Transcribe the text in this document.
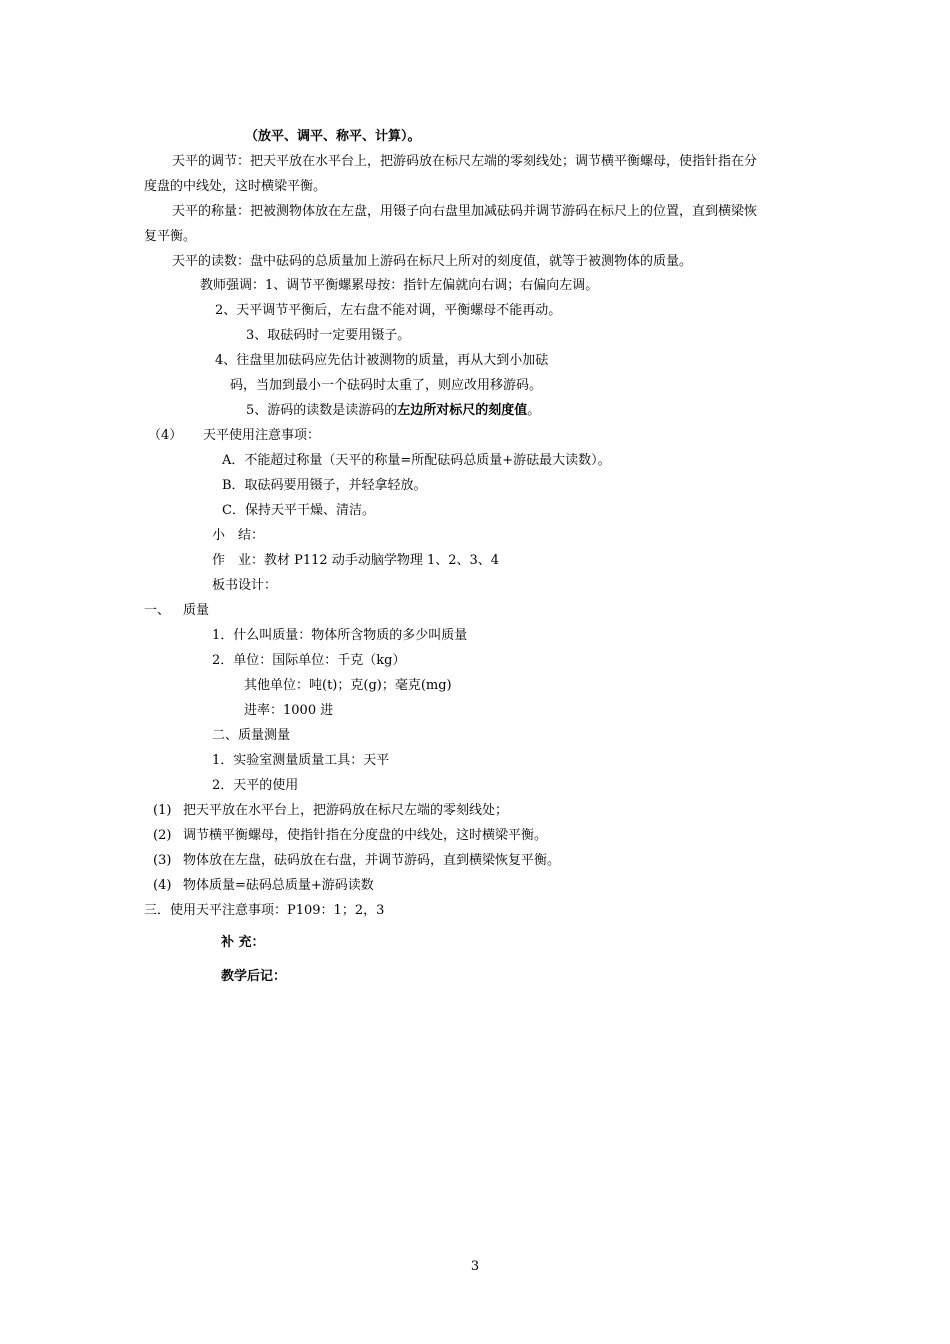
（放平、调平、称平、计算）。
天平的调节：把天平放在水平台上，把游码放在标尺左端的零刻线处；调节横平衡螺母，使指针指在分
度盘的中线处，这时横梁平衡。
天平的称量：把被测物体放在左盘，用镊子向右盘里加减砝码并调节游码在标尺上的位置，直到横梁恢
复平衡。
天平的读数：盘中砝码的总质量加上游码在标尺上所对的刻度值，就等于被测物体的质量。
教师强调：1、调节平衡螺累母按：指针左偏就向右调；右偏向左调。
2、天平调节平衡后，左右盘不能对调，平衡螺母不能再动。
3、取砝码时一定要用镊子。
4、往盘里加砝码应先估计被测物的质量，再从大到小加砝
码，当加到最小一个砝码时太重了，则应改用移游码。
5、游码的读数是读游码的左边所对标尺的刻度值。
（4） 天平使用注意事项：
A．不能超过称量（天平的称量=所配砝码总质量+游砝最大读数）。
B．取砝码要用镊子，并轻拿轻放。
C．保持天平干燥、清洁。
小　结：
作　业：教材 P112 动手动脑学物理 1、2、3、4
板书设计：
一、 质量
1．什么叫质量：物体所含物质的多少叫质量
2．单位：国际单位：千克（kg）
其他单位：吨(t)；克(g)；毫克(mg)
进率：1000 进
二、质量测量
1．实验室测量质量工具：天平
2．天平的使用
(1) 把天平放在水平台上，把游码放在标尺左端的零刻线处；
(2) 调节横平衡螺母，使指针指在分度盘的中线处，这时横梁平衡。
(3) 物体放在左盘，砝码放在右盘，并调节游码，直到横梁恢复平衡。
(4) 物体质量=砝码总质量+游码读数
三．使用天平注意事项：P109：1；2，3
补 充：
教学后记：
3
